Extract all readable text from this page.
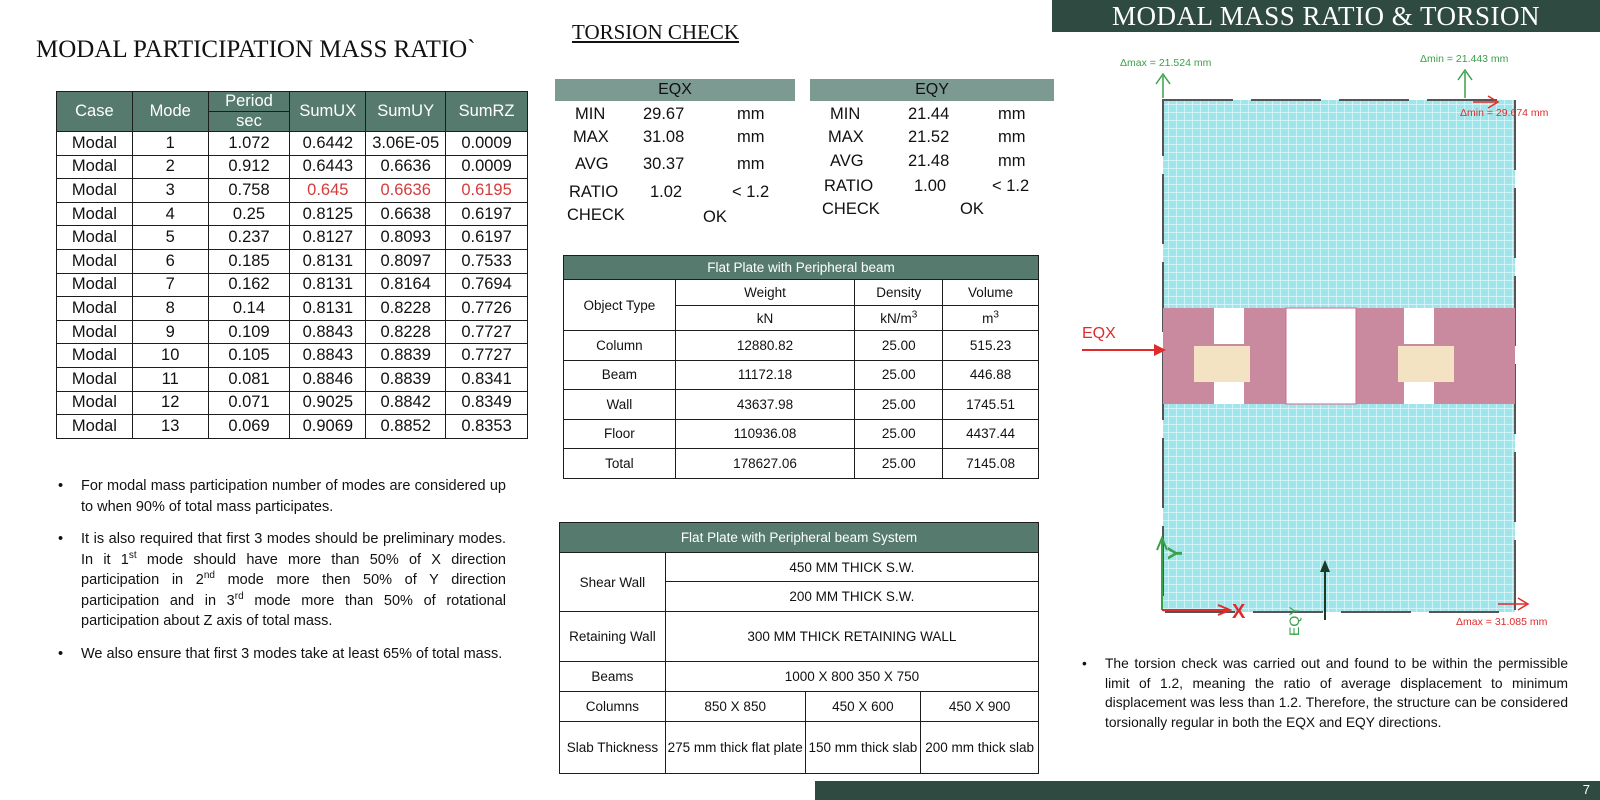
MODAL MASS RATIO & TORSION
7
MODAL PARTICIPATION MASS RATIO`
TORSION CHECK
Case	Mode	Period	SumUX	SumUY	SumRZ
		sec			
Modal	1	1.072	0.6442	3.06E-05	0.0009
Modal	2	0.912	0.6443	0.6636	0.0009
Modal	3	0.758	0.645	0.6636	0.6195
Modal	4	0.25	0.8125	0.6638	0.6197
Modal	5	0.237	0.8127	0.8093	0.6197
Modal	6	0.185	0.8131	0.8097	0.7533
Modal	7	0.162	0.8131	0.8164	0.7694
Modal	8	0.14	0.8131	0.8228	0.7726
Modal	9	0.109	0.8843	0.8228	0.7727
Modal	10	0.105	0.8843	0.8839	0.7727
Modal	11	0.081	0.8846	0.8839	0.8341
Modal	12	0.071	0.9025	0.8842	0.8349
Modal	13	0.069	0.9069	0.8852	0.8353
• For modal mass participation number of modes are considered up to when 90% of total mass participates.
• It is also required that first 3 modes should be preliminary modes. In it 1st mode should have more than 50% of X direction participation in 2nd mode more then 50% of Y direction participation and in 3rd mode more than 50% of rotational participation about Z axis of total mass.
• We also ensure that first 3 modes take at least 65% of total mass.
EQX
MIN 29.67	mm
MAX 31.08	mm
AVG 30.37	mm
RATIO 1.02	< 1.2
CHECK	OK
EQY
MIN	21.44	mm
MAX	21.52	mm
AVG	21.48	mm
RATIO 1.00	< 1.2
CHECK	OK
Flat Plate with Peripheral beam			
Object Type	Weight	Density	Volume
	kN	$kN/m^3$	$m^3$
Column	12880.82	25.00	515.23
Beam	11172.18	25.00	446.88
Wall	43637.98	25.00	1745.51
Floor	110936.08	25.00	4437.44
Total	178627.06	25.00	7145.08
Flat Plate with Peripheral beam System			
Shear Wall	450 MM THICK S.W.		
	200 MM THICK S.W.		
Retaining Wall	300 MM THICK RETAINING WALL		
Beams	1000 X 800 350 X 750		
Columns	850 X 850	450 X 600	450 X 900
Slab Thickness	275 mm thick flat plate	150 mm thick slab	200 mm thick slab
Δmax = 21.524 mm	Δmin = 21.443 mm
Δmin = 29.674 mm
Δmax = 31.085 mm
EQX
EQY
Y
X
• The torsion check was carried out and found to be within the permissible limit of 1.2, meaning the ratio of average displacement to minimum displacement was less than 1.2. Therefore, the structure can be considered torsionally regular in both the EQX and EQY directions.
